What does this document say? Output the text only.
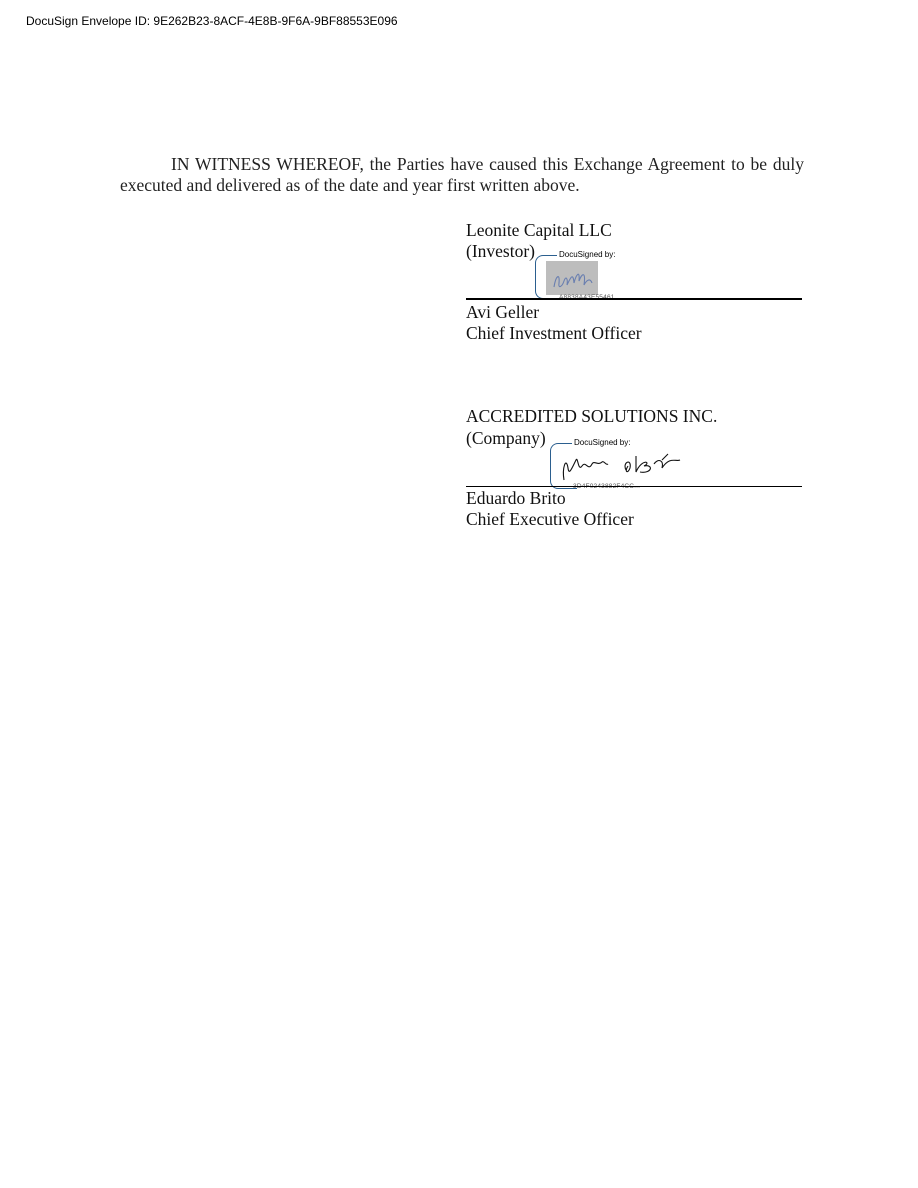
DocuSign Envelope ID: 9E262B23-8ACF-4E8B-9F6A-9BF88553E096

IN WITNESS WHEREOF, the Parties have caused this Exchange Agreement to be duly executed and delivered as of the date and year first written above.

Leonite Capital LLC
(Investor)	DocuSigned by:
A8838A43E55461...
Avi Geller
Chief Investment Officer
ACCREDITED SOLUTIONS INC.
(Company)	DocuSigned by:
3D4F0243882F4CC...
Eduardo Brito
Chief Executive Officer
